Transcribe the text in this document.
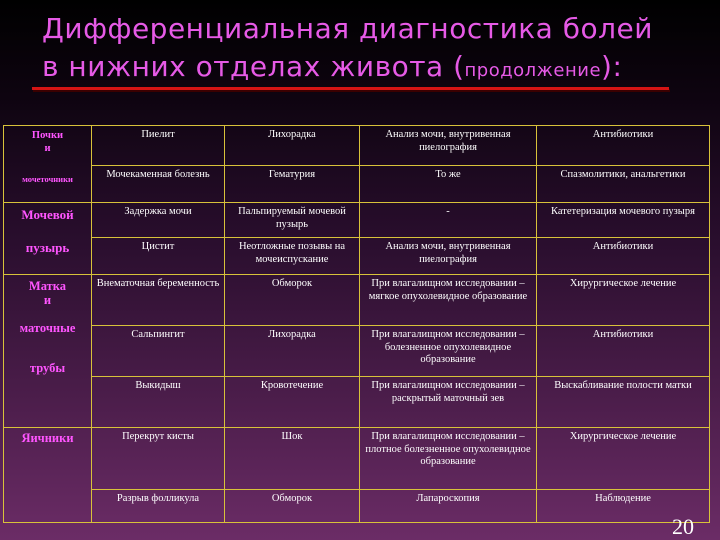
Дифференциальная диагностика болей
в нижних отделах живота (продолжение):
Почки
и
мочеточники	Пиелит	Лихорадка	Анализ мочи, внутривенная пиелография	Антибиотики
	Мочекаменная болезнь	Гематурия	То же	Спазмолитики, анальгетики

Мочевой
пузырь	Задержка мочи	Пальпируемый мочевой пузырь	-	Катетеризация мочевого пузыря
	Цистит	Неотложные позывы на мочеиспускание	Анализ мочи, внутривенная пиелография	Антибиотики

Матка
и
маточные
трубы	Внематочная беременность	Обморок	При влагалищном исследовании – мягкое опухолевидное образование	Хирургическое лечение
	Сальпингит	Лихорадка	При влагалищном исследовании – болезненное опухолевидное образование	Антибиотики
	Выкидыш	Кровотечение	При влагалищном исследовании – раскрытый маточный зев	Выскабливание полости матки
Яичники	Перекрут кисты	Шок	При влагалищном исследовании – плотное болезненное опухолевидное образование	Хирургическое лечение
	Разрыв фолликула	Обморок	Лапароскопия	Наблюдение
20
